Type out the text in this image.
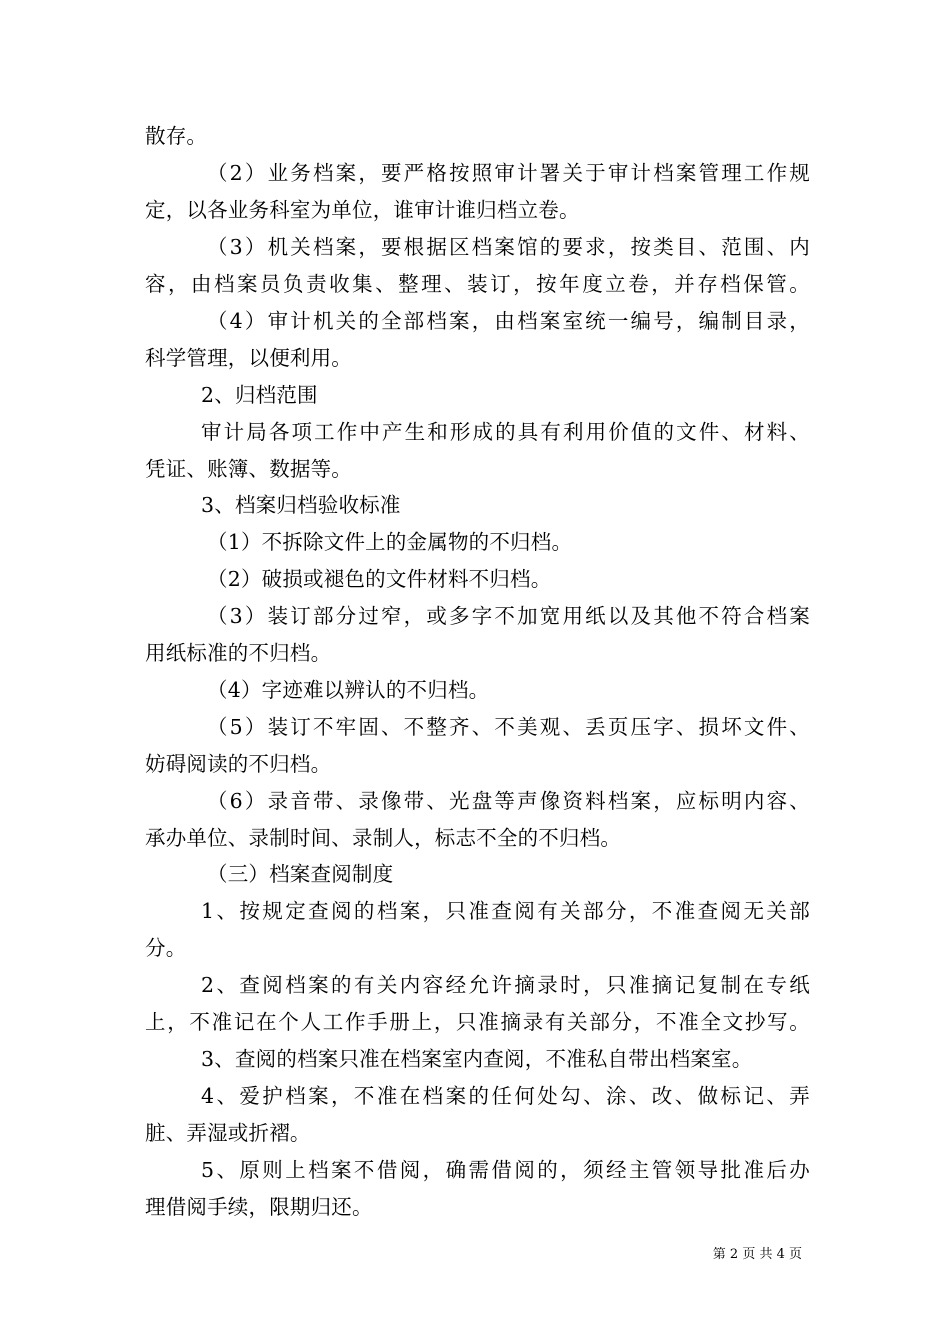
散存。
（2）业务档案，要严格按照审计署关于审计档案管理工作规
定，以各业务科室为单位，谁审计谁归档立卷。
（3）机关档案，要根据区档案馆的要求，按类目、范围、内
容，由档案员负责收集、整理、装订，按年度立卷，并存档保管。
（4）审计机关的全部档案，由档案室统一编号，编制目录，
科学管理，以便利用。
2、归档范围
审计局各项工作中产生和形成的具有利用价值的文件、材料、
凭证、账簿、数据等。
3、档案归档验收标准
（1）不拆除文件上的金属物的不归档。
（2）破损或褪色的文件材料不归档。
（3）装订部分过窄，或多字不加宽用纸以及其他不符合档案
用纸标准的不归档。
（4）字迹难以辨认的不归档。
（5）装订不牢固、不整齐、不美观、丢页压字、损坏文件、
妨碍阅读的不归档。
（6）录音带、录像带、光盘等声像资料档案，应标明内容、
承办单位、录制时间、录制人，标志不全的不归档。
（三）档案查阅制度
1、按规定查阅的档案，只准查阅有关部分，不准查阅无关部
分。
2、查阅档案的有关内容经允许摘录时，只准摘记复制在专纸
上，不准记在个人工作手册上，只准摘录有关部分，不准全文抄写。
3、查阅的档案只准在档案室内查阅，不准私自带出档案室。
4、爱护档案，不准在档案的任何处勾、涂、改、做标记、弄
脏、弄湿或折褶。
5、原则上档案不借阅，确需借阅的，须经主管领导批准后办
理借阅手续，限期归还。
第 2 页 共 4 页
